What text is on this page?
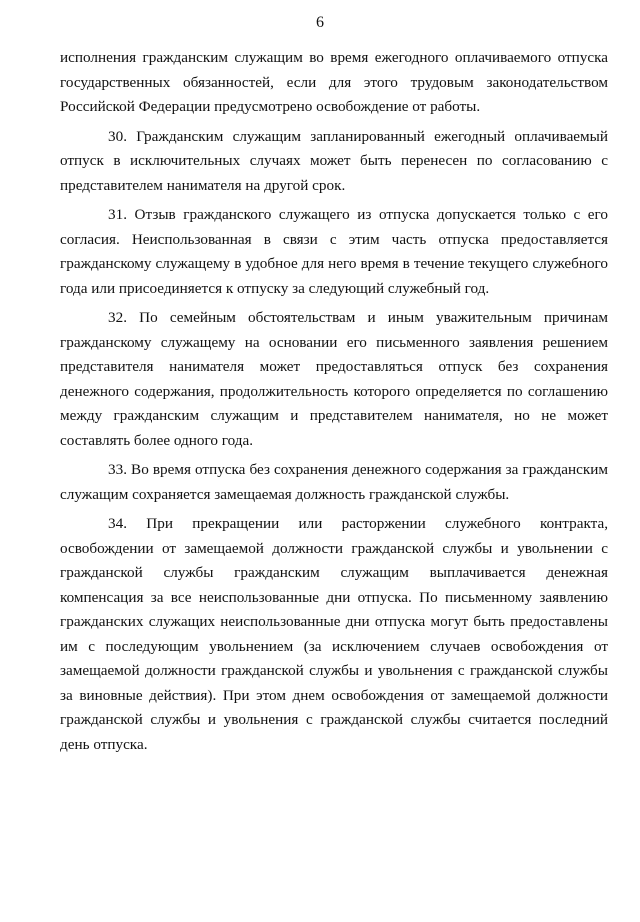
6

исполнения гражданским служащим во время ежегодного оплачиваемого отпуска государственных обязанностей, если для этого трудовым законодательством Российской Федерации предусмотрено освобождение от работы.

30. Гражданским служащим запланированный ежегодный оплачиваемый отпуск в исключительных случаях может быть перенесен по согласованию с представителем нанимателя на другой срок.

31. Отзыв гражданского служащего из отпуска допускается только с его согласия. Неиспользованная в связи с этим часть отпуска предоставляется гражданскому служащему в удобное для него время в течение текущего служебного года или присоединяется к отпуску за следующий служебный год.

32. По семейным обстоятельствам и иным уважительным причинам гражданскому служащему на основании его письменного заявления решением представителя нанимателя может предоставляться отпуск без сохранения денежного содержания, продолжительность которого определяется по соглашению между гражданским служащим и представителем нанимателя, но не может составлять более одного года.

33. Во время отпуска без сохранения денежного содержания за гражданским служащим сохраняется замещаемая должность гражданской службы.

34. При прекращении или расторжении служебного контракта, освобождении от замещаемой должности гражданской службы и увольнении с гражданской службы гражданским служащим выплачивается денежная компенсация за все неиспользованные дни отпуска. По письменному заявлению гражданских служащих неиспользованные дни отпуска могут быть предоставлены им с последующим увольнением (за исключением случаев освобождения от замещаемой должности гражданской службы и увольнения с гражданской службы за виновные действия). При этом днем освобождения от замещаемой должности гражданской службы и увольнения с гражданской службы считается последний день отпуска.
